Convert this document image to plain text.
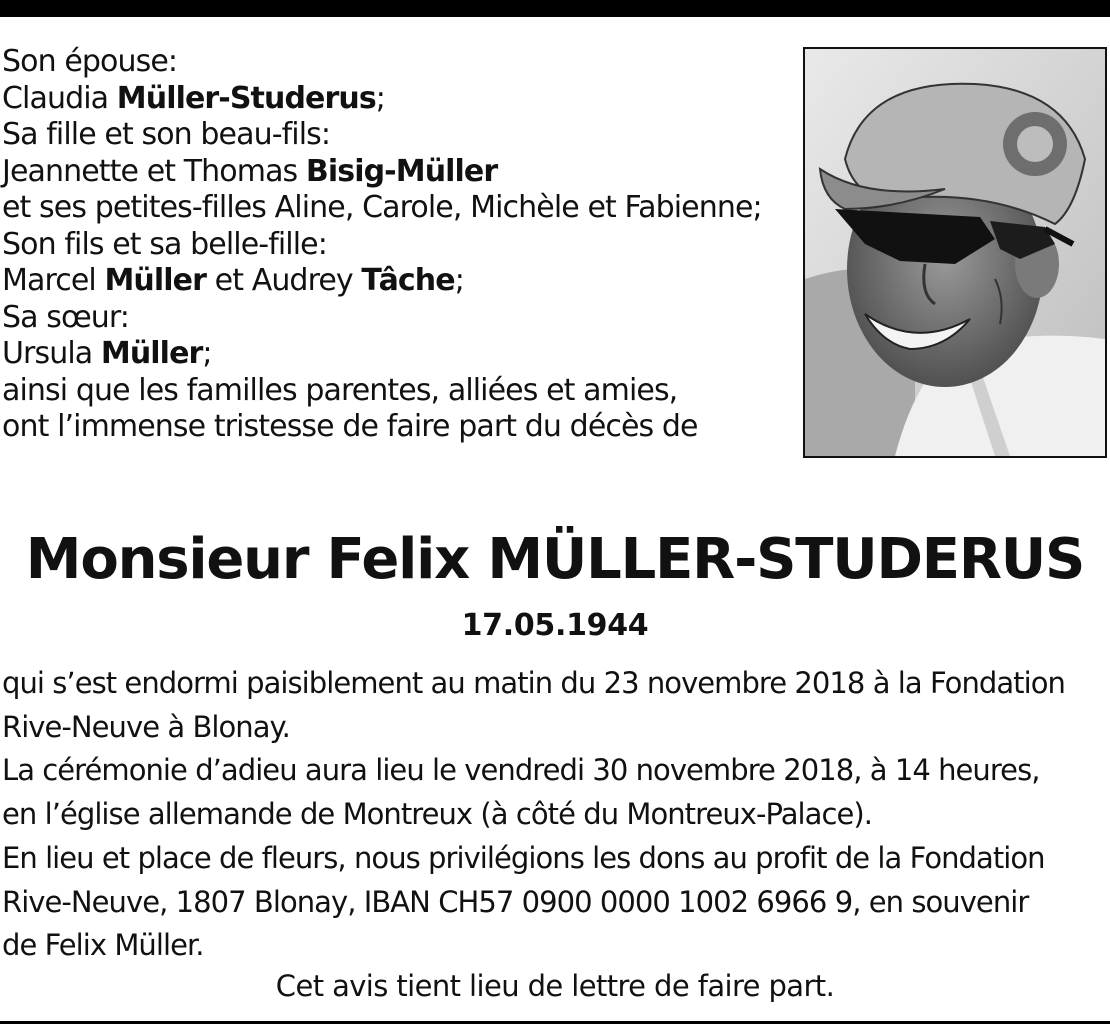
Son épouse:
Claudia Müller-Studerus;
Sa fille et son beau-fils:
Jeannette et Thomas Bisig-Müller
et ses petites-filles Aline, Carole, Michèle et Fabienne;
Son fils et sa belle-fille:
Marcel Müller et Audrey Tâche;
Sa sœur:
Ursula Müller;
ainsi que les familles parentes, alliées et amies,
ont l’immense tristesse de faire part du décès de

Monsieur Felix MÜLLER-STUDERUS
17.05.1944

qui s’est endormi paisiblement au matin du 23 novembre 2018 à la Fondation
Rive-Neuve à Blonay.
La cérémonie d’adieu aura lieu le vendredi 30 novembre 2018, à 14 heures,
en l’église allemande de Montreux (à côté du Montreux-Palace).
En lieu et place de fleurs, nous privilégions les dons au profit de la Fondation
Rive-Neuve, 1807 Blonay, IBAN CH57 0900 0000 1002 6966 9, en souvenir
de Felix Müller.

Cet avis tient lieu de lettre de faire part.
